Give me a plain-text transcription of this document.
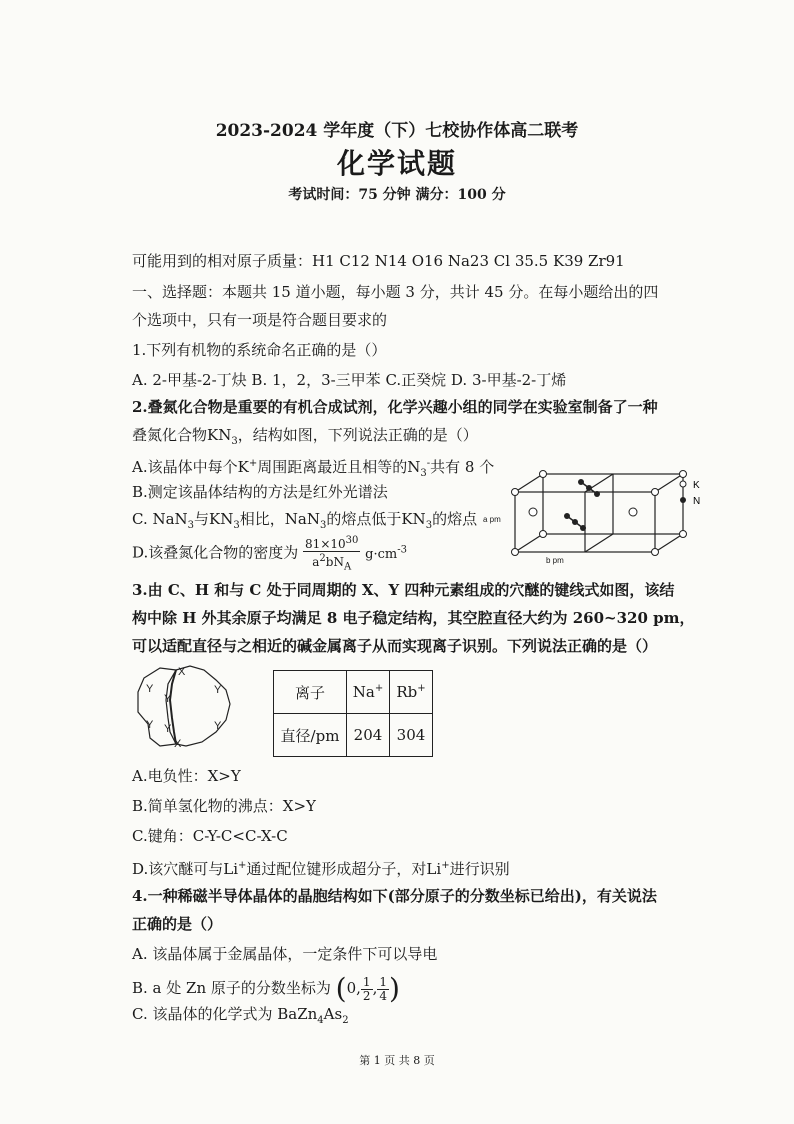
2023-2024 学年度（下）七校协作体高二联考
化学试题
考试时间：75 分钟 满分：100 分
可能用到的相对原子质量：H1 C12 N14 O16 Na23 Cl 35.5 K39 Zr91
一、选择题：本题共 15 道小题，每小题 3 分，共计 45 分。在每小题给出的四
个选项中，只有一项是符合题目要求的
1.下列有机物的系统命名正确的是（）
A. 2-甲基-2-丁炔 B. 1，2，3-三甲苯 C.正癸烷 D. 3-甲基-2-丁烯
2.叠氮化合物是重要的有机合成试剂，化学兴趣小组的同学在实验室制备了一种
叠氮化合物$KN_3$，结构如图，下列说法正确的是（）
A.该晶体中每个K+周围距离最近且相等的$N_3^-$共有 8 个
B.测定该晶体结构的方法是红外光谱法
C. NaN$_3$与$KN_3$相比，NaN$_3$的熔点低于$KN_3$的熔点
D.该叠氮化合物的密度为 $\frac{81\times 10^{30}}{a^2bN_A} g\cdot cm^{-3}$
K
N
a pm
b pm
3.由 C、H 和与 C 处于同周期的 X、Y 四种元素组成的穴醚的键线式如图，该结
构中除 H 外其余原子均满足 8 电子稳定结构，其空腔直径大约为 260~320 pm，
可以适配直径与之相近的碱金属离子从而实现离子识别。下列说法正确的是（）
X
X
Y
Y
Y
Y
Y Y
离子	Na+	Rb+
直径/pm	204	304
A.电负性：X>Y
B.简单氢化物的沸点：X>Y
C.键角：C-Y-C<C-X-C
D.该穴醚可与Li+通过配位键形成超分子，对Li+进行识别
4.一种稀磁半导体晶体的晶胞结构如下(部分原子的分数坐标已给出)，有关说法
正确的是（）
A. 该晶体属于金属晶体，一定条件下可以导电
B. a 处 Zn 原子的分数坐标为 (0, $\frac{1}{2}$ , $\frac{1}{4}$ )
C. 该晶体的化学式为 $BaZn_4As_2$
第 1 页 共 8 页
